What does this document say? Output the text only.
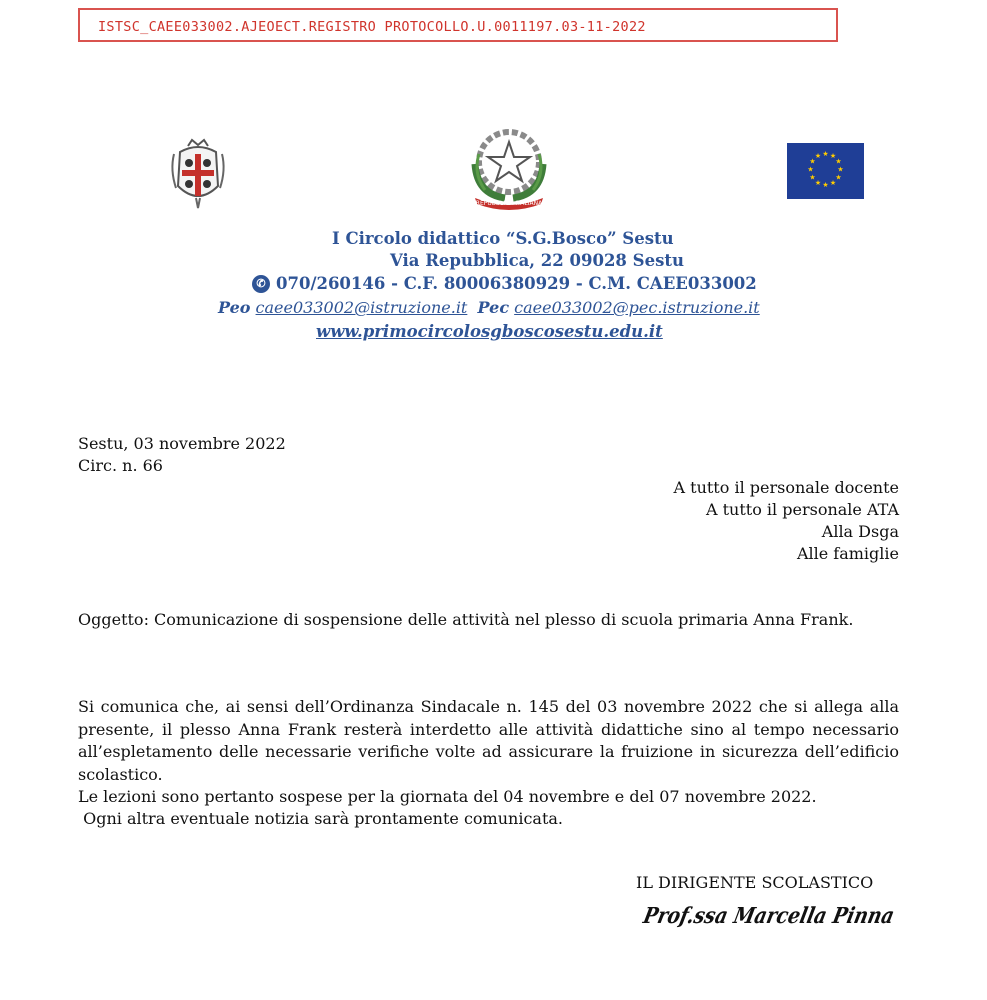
ISTSC_CAEE033002.AJEOECT.REGISTRO PROTOCOLLO.U.0011197.03-11-2022
REPUBBLICA ITALIANA
★ ★
★
★
★
★
★
★
★
★
★
★
I Circolo didattico “S.G.Bosco” Sestu
Via Repubblica, 22 09028 Sestu
✆ 070/260146 - C.F. 80006380929 - C.M. CAEE033002
Peo caee033002@istruzione.it Pec caee033002@pec.istruzione.it
www.primocircolosgboscosestu.edu.it
Sestu, 03 novembre 2022
Circ. n. 66
A tutto il personale docente
A tutto il personale ATA
Alla Dsga
Alle famiglie
Oggetto: Comunicazione di sospensione delle attività nel plesso di scuola primaria Anna Frank.
Si comunica che, ai sensi dell’Ordinanza Sindacale n. 145 del 03 novembre 2022 che si allega alla presente, il plesso Anna Frank resterà interdetto alle attività didattiche sino al tempo necessario all’espletamento delle necessarie verifiche volte ad assicurare la fruizione in sicurezza dell’edificio scolastico.
Le lezioni sono pertanto sospese per la giornata del 04 novembre e del 07 novembre 2022.
Ogni altra eventuale notizia sarà prontamente comunicata.
IL DIRIGENTE SCOLASTICO
Prof.ssa Marcella Pinna
